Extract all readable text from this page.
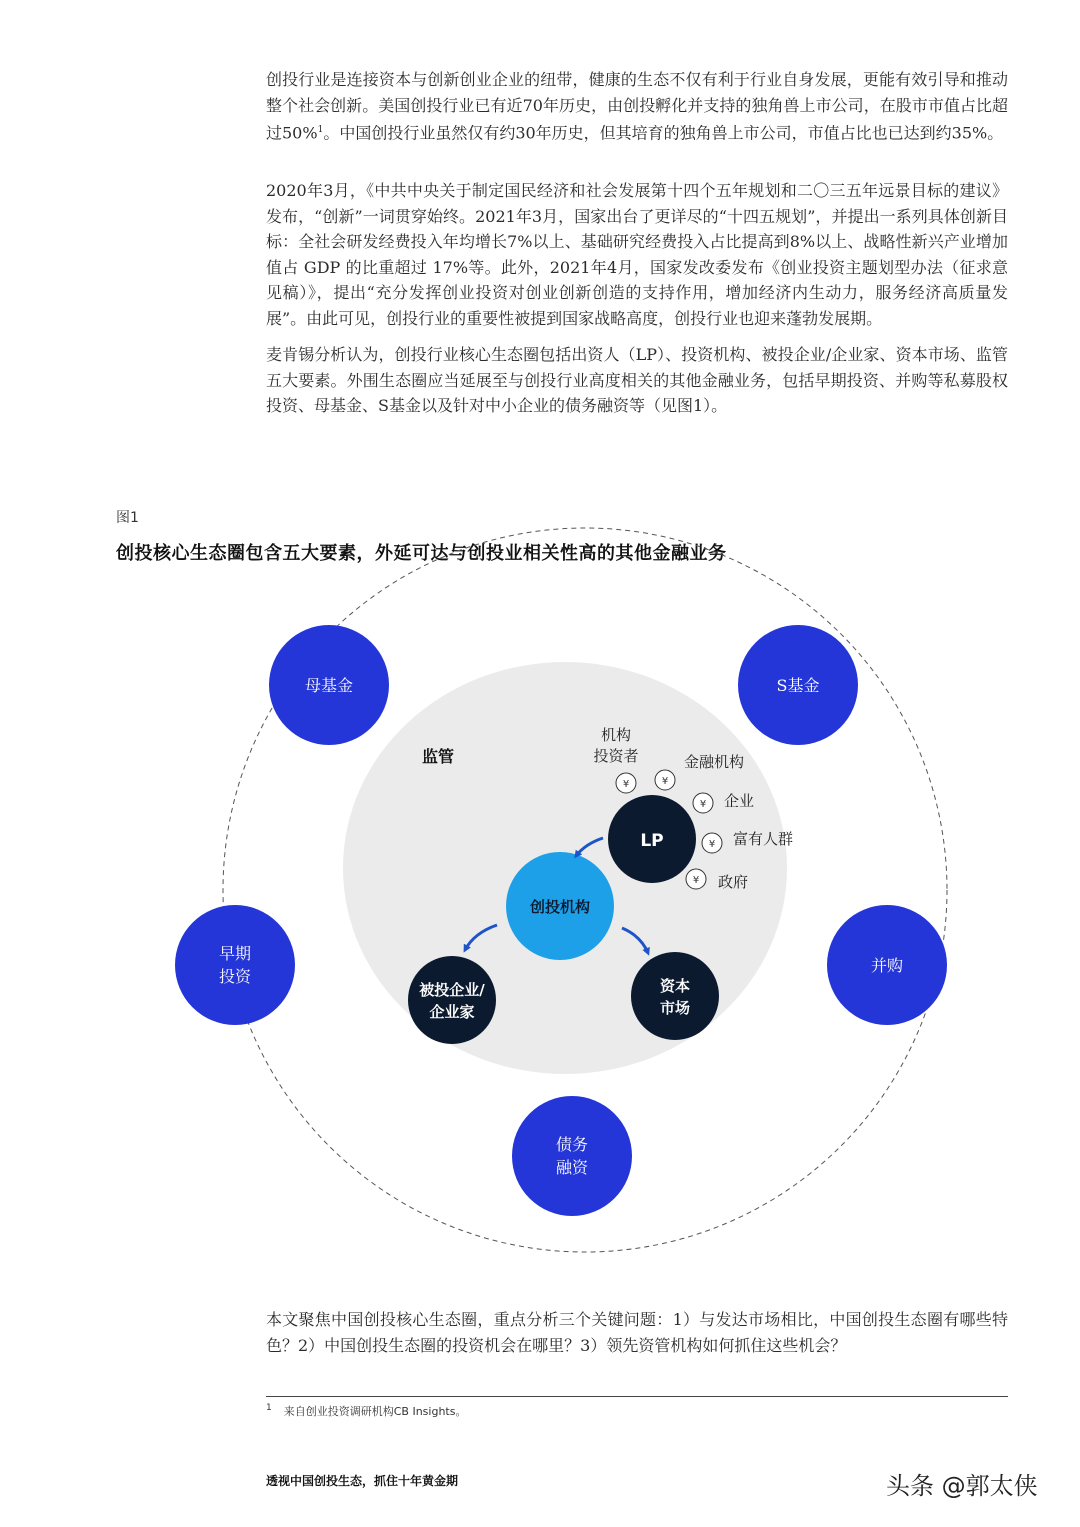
创投行业是连接资本与创新创业企业的纽带，健康的生态不仅有利于行业自身发展，更能有效引导和推动整个社会创新。美国创投行业已有近70年历史，由创投孵化并支持的独角兽上市公司，在股市市值占比超过50%$^1$。中国创投行业虽然仅有约30年历史，但其培育的独角兽上市公司，市值占比也已达到约35%。

2020年3月，《中共中央关于制定国民经济和社会发展第十四个五年规划和二〇三五年远景目标的建议》发布，“创新”一词贯穿始终。2021年3月，国家出台了更详尽的“十四五规划”，并提出一系列具体创新目标：全社会研发经费投入年均增长7%以上、基础研究经费投入占比提高到8%以上、战略性新兴产业增加值占 GDP 的比重超过 17%等。此外，2021年4月，国家发改委发布《创业投资主题划型办法（征求意见稿）》，提出“充分发挥创业投资对创业创新创造的支持作用，增加经济内生动力，服务经济高质量发展”。由此可见，创投行业的重要性被提到国家战略高度，创投行业也迎来蓬勃发展期。

麦肯锡分析认为，创投行业核心生态圈包括出资人（LP）、投资机构、被投企业/企业家、资本市场、监管五大要素。外围生态圈应当延展至与创投行业高度相关的其他金融业务，包括早期投资、并购等私募股权投资、母基金、S基金以及针对中小企业的债务融资等（见图1）。

图1
创投核心生态圈包含五大要素，外延可达与创投业相关性高的其他金融业务
监管
母基金	S基金
早期
投资
并购
债务
融资
机构
投资者	金融机构
企业
富有人群
政府
¥	¥
¥
¥
¥
LP
创投机构
被投企业/
企业家
资本
市场

本文聚焦中国创投核心生态圈，重点分析三个关键问题：1）与发达市场相比，中国创投生态圈有哪些特色？2）中国创投生态圈的投资机会在哪里？3）领先资管机构如何抓住这些机会？

$^1$ 来自创业投资调研机构CB Insights。
透视中国创投生态，抓住十年黄金期	头条 @郭太侠
